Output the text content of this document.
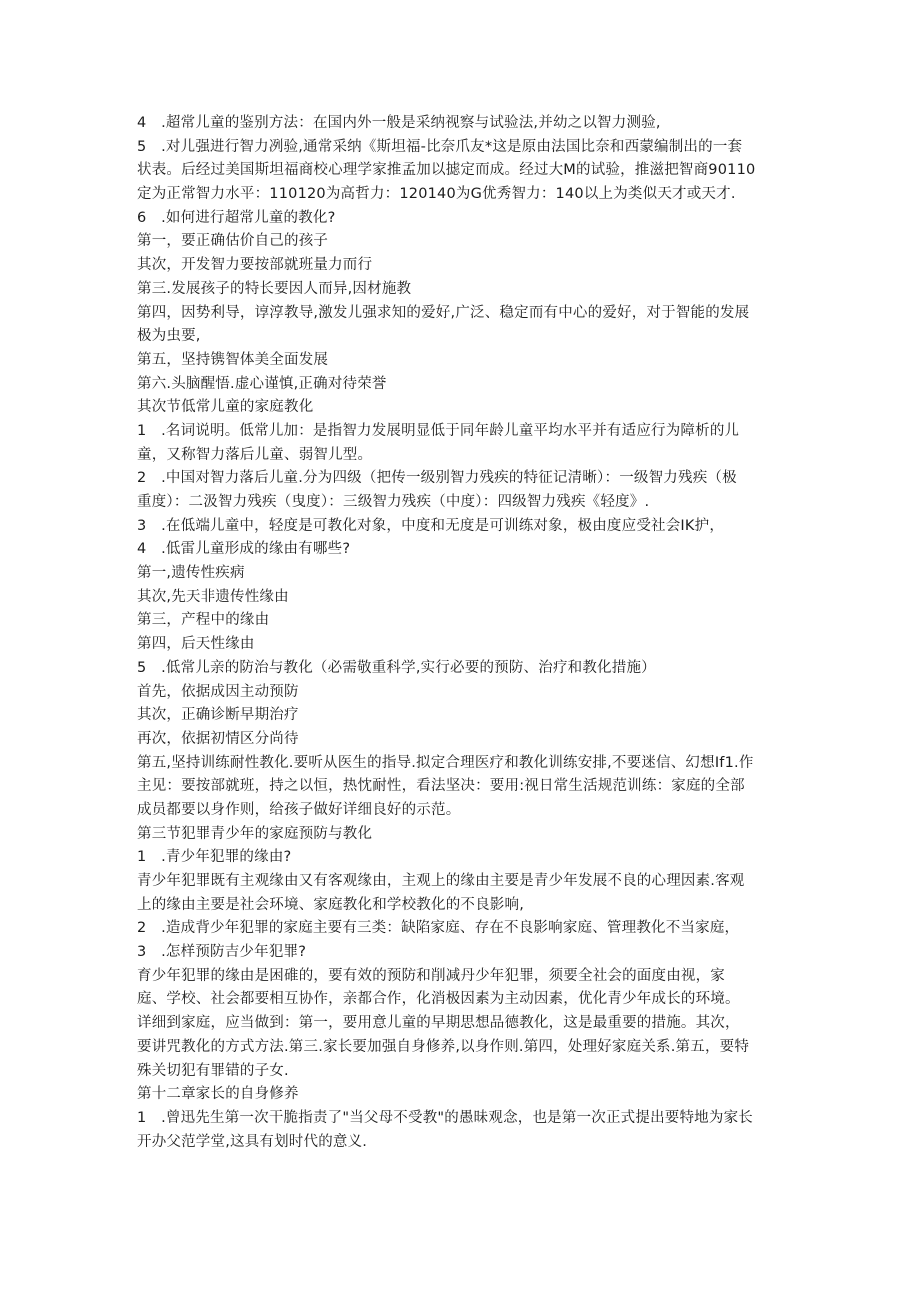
4　.超常儿童的鉴别方法：在国内外一般是采纳视察与试验法,并幼之以智力测验,
5　.对儿强进行智力冽验,通常采纳《斯坦福-比奈爪友*这是原由法国比奈和西蒙编制出的一套
状表。后经过美国斯坦福商校心理学家推孟加以摅定而成。经过大M的试验，推滋把智商90110
定为正常智力水平：110120为高哲力：120140为G优秀智力：140以上为类似天才或天才.
6　.如何进行超常儿童的教化?
第一，要正确估价自己的孩子
其次，开发智力要按部就班量力而行
第三.发展孩子的特长要因人而异,因材施教
第四，因势利导，谆淳教导,激发儿强求知的爱好,广泛、稳定而有中心的爱好，对于智能的发展
极为虫要,
第五，坚持镌智体美全面发展
第六.头脑醒悟.虚心谨慎,正确对待荣誉
其次节低常儿童的家庭教化
1　.名词说明。低常儿加：是指智力发展明显低于同年龄儿童平均水平并有适应行为障析的儿
童，又称智力落后儿童、弱智儿型。
2　.中国对智力落后儿童.分为四级（把传一级别智力残疾的特征记清晰）：一级智力残疾（极
重度）：二汲智力残疾（曳度）：三级智力残疾（中度）：四级智力残疾《轻度》.
3　.在低端儿童中，轻度是可教化对象，中度和无度是可训练对象，极由度应受社会IK护，
4　.低雷儿童形成的缘由有哪些?
第一,遗传性疾病
其次,先天非遗传性缘由
第三，产程中的缘由
第四，后天性缘由
5　.低常儿亲的防治与教化（必需敬重科学,实行必要的预防、治疗和教化措施）
首先，依据成因主动预防
其次，正确诊断早期治疗
再次，依据初情区分尚待
第五,坚持训练耐性教化.要听从医生的指导.拟定合理医疗和教化训练安排,不要迷信、幻想If1.作
主见：要按部就班，持之以恒，热忱耐性，看法坚决：要用:视日常生活规范训练：家庭的全部
成员都要以身作则，给孩子做好详细良好的示范。
第三节犯罪青少年的家庭预防与教化
1　.青少年犯罪的缘由?
青少年犯罪既有主观缘由又有客观缘由，主观上的缘由主要是青少年发展不良的心理因素.客观
上的缘由主要是社会环境、家庭教化和学校教化的不良影响,
2　.造成背少年犯罪的家庭主要有三类：缺陷家庭、存在不良影响家庭、管理教化不当家庭，
3　.怎样预防吉少年犯罪?
育少年犯罪的缘由是困碓的，要有效的预防和削减丹少年犯罪，须要全社会的面度由视，家
庭、学校、社会都要相互协作，亲都合作，化消极因素为主动因素，优化青少年成长的环境。
详细到家庭，应当做到：第一，要用意儿童的早期思想品德教化，这是最重要的措施。其次，
要讲咒教化的方式方法.第三.家长要加强自身修养,以身作则.第四，处理好家庭关系.第五，要特
殊关切犯有罪错的子女.
第十二章家长的自身修养
1　.曾迅先生第一次干脆指责了"当父母不受教"的愚昧观念，也是第一次正式提出要特地为家长
开办父范学堂,这具有划时代的意义.
